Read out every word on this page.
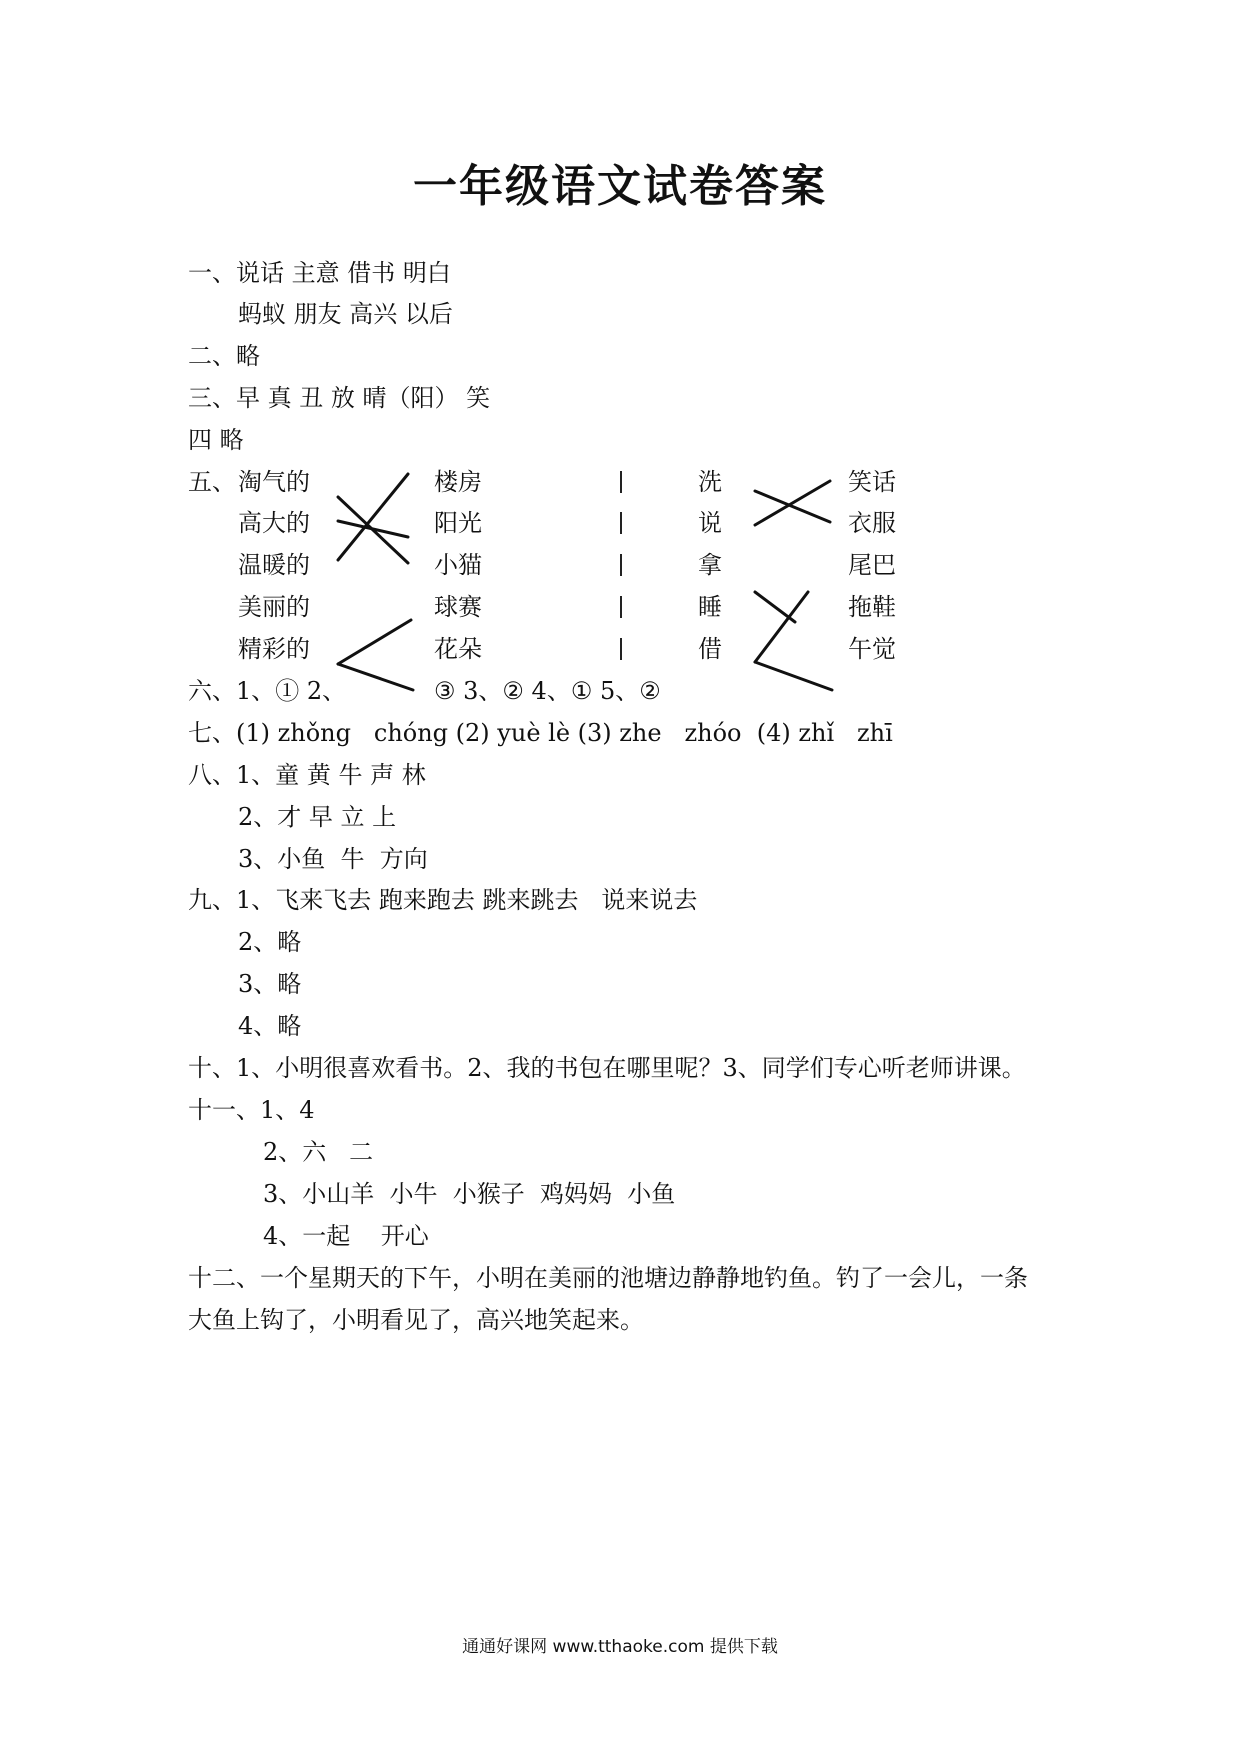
一年级语文试卷答案
一、说话 主意 借书 明白
蚂蚁 朋友 高兴 以后
二、略
三、早 真 丑 放 晴（阳） 笑
四 略
五、 淘气的
高大的
温暖的
美丽的
精彩的
楼房
阳光
小猫
球赛
花朵
洗
说
拿
睡
借
笑话
衣服
尾巴
拖鞋
午觉
六、1、① 2、	③ 3、② 4、① 5、②
七、(1) zhǒng   chóng (2) yuè lè (3) zhe   zhóo  (4) zhǐ   zhī
八、1、童 黄 牛 声 林
2、才 早 立 上
3、小鱼  牛  方向
九、1、飞来飞去 跑来跑去 跳来跳去   说来说去
2、略
3、略
4、略
十、1、小明很喜欢看书。2、我的书包在哪里呢？3、同学们专心听老师讲课。
十一、1、4
2、六   二
3、小山羊  小牛  小猴子  鸡妈妈  小鱼
4、一起    开心
十二、一个星期天的下午，小明在美丽的池塘边静静地钓鱼。钓了一会儿，一条
大鱼上钩了，小明看见了，高兴地笑起来。
通通好课网 www.tthaoke.com 提供下载
